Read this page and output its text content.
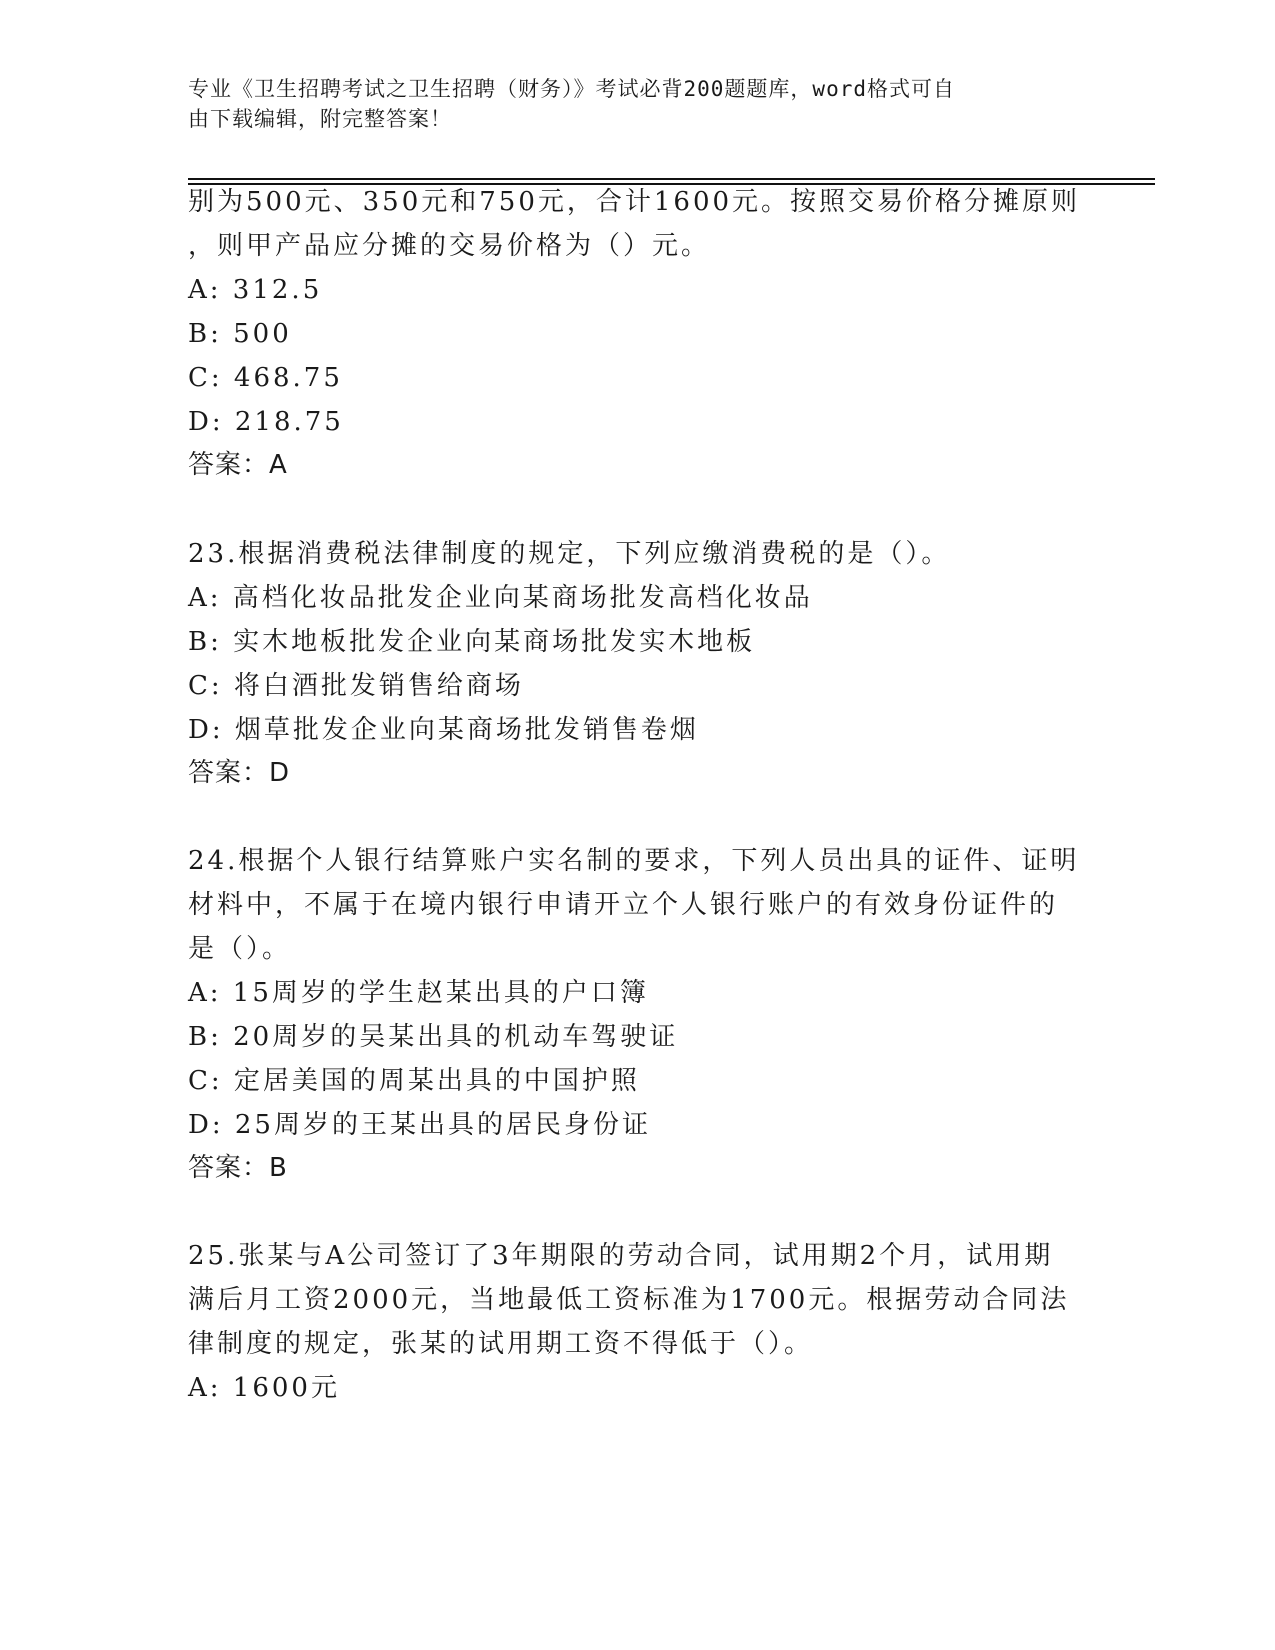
专业《卫生招聘考试之卫生招聘（财务）》考试必背200题题库，word格式可自
由下载编辑，附完整答案！
别为500元、350元和750元，合计1600元。按照交易价格分摊原则
，则甲产品应分摊的交易价格为（）元。
A: 312.5
B: 500
C: 468.75
D: 218.75
答案：A
23.根据消费税法律制度的规定，下列应缴消费税的是（）。
A: 高档化妆品批发企业向某商场批发高档化妆品
B: 实木地板批发企业向某商场批发实木地板
C: 将白酒批发销售给商场
D: 烟草批发企业向某商场批发销售卷烟
答案：D
24.根据个人银行结算账户实名制的要求，下列人员出具的证件、证明
材料中，不属于在境内银行申请开立个人银行账户的有效身份证件的
是（）。
A: 15周岁的学生赵某出具的户口簿
B: 20周岁的吴某出具的机动车驾驶证
C: 定居美国的周某出具的中国护照
D: 25周岁的王某出具的居民身份证
答案：B
25.张某与A公司签订了3年期限的劳动合同，试用期2个月，试用期
满后月工资2000元，当地最低工资标准为1700元。根据劳动合同法
律制度的规定，张某的试用期工资不得低于（）。
A: 1600元
